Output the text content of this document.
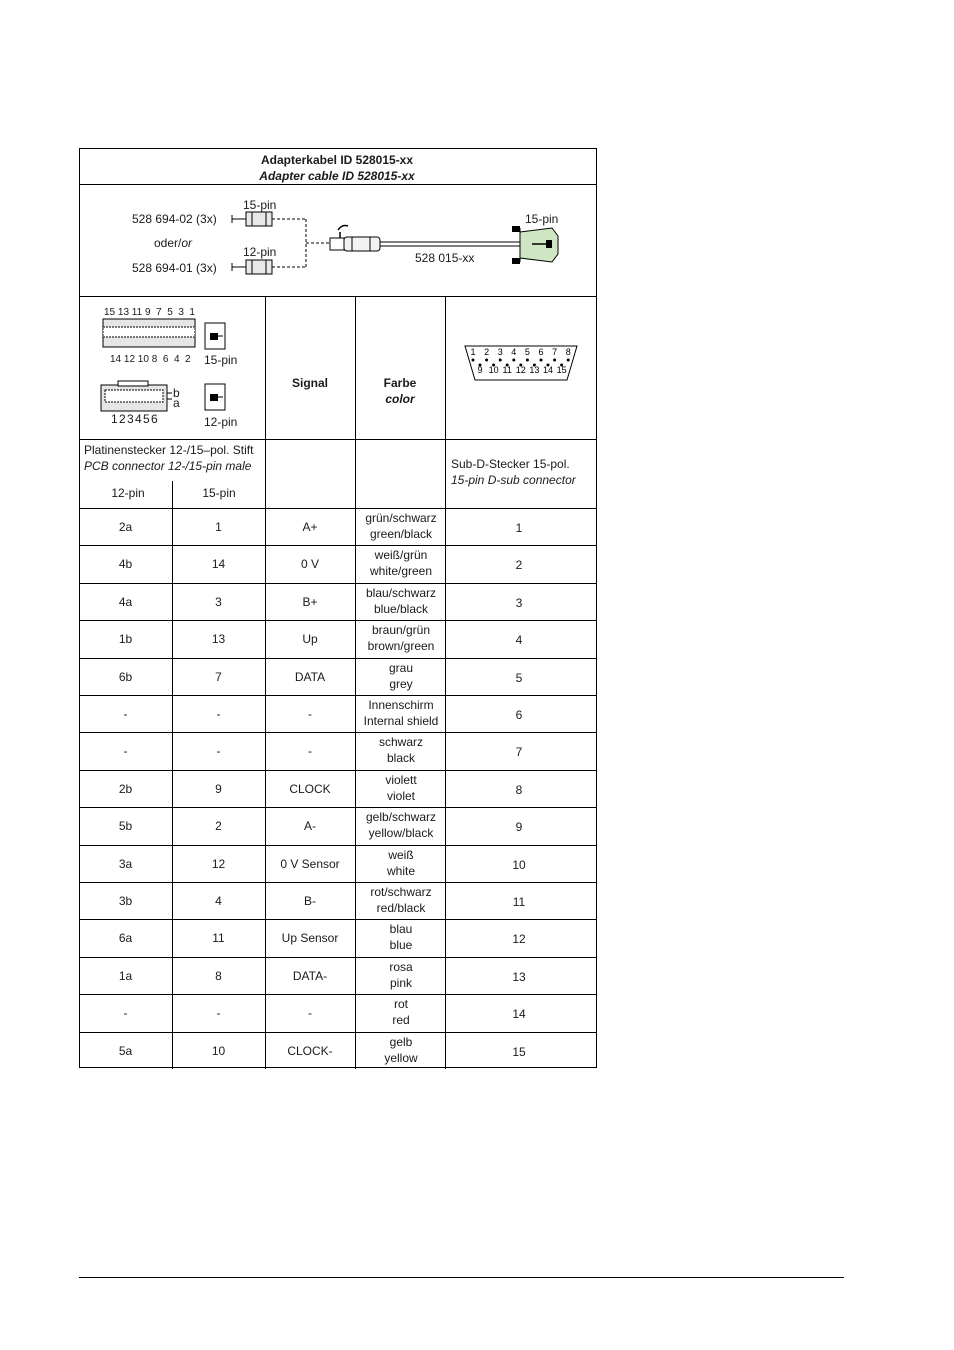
Adapterkabel ID 528015-xx
Adapter cable ID 528015-xx
528 694-02 (3x)
oder/or
528 694-01 (3x)
15-pin
12-pin	528 015-xx
15-pin
15 13 11 9  7  5  3  1
14 12 10 8  6  4  2 15-pin
b
a
1 2 3 4 5 6	12-pin
Signal	Farbe
color
1 2 3 4 5 6 7 8
9 10 11 12 13 14 15
Platinenstecker 12-/15–pol. Stift
PCB connector 12-/15-pin male
12-pin	15-pin
Sub-D-Stecker 15-pol.
15-pin D-sub connector
2a	1	A+
grün/schwarz
green/black	1
4b	14	0 V
weiß/grün
white/green	2
4a	3	B+
blau/schwarz
blue/black	3
1b	13	Up
braun/grün
brown/green	4
6b	7	DATA
grau
grey	5
-	-	-
Innenschirm
Internal shield	6
-	-	-
schwarz
black	7
2b	9	CLOCK
violett
violet	8
5b	2	A-
gelb/schwarz
yellow/black	9
3a	12	0 V Sensor
weiß
white	10
3b	4	B-
rot/schwarz
red/black	11
6a	11	Up Sensor
blau
blue	12
1a	8	DATA-
rosa
pink	13
-	-	-
rot
red	14
5a	10	CLOCK-
gelb
yellow	15
